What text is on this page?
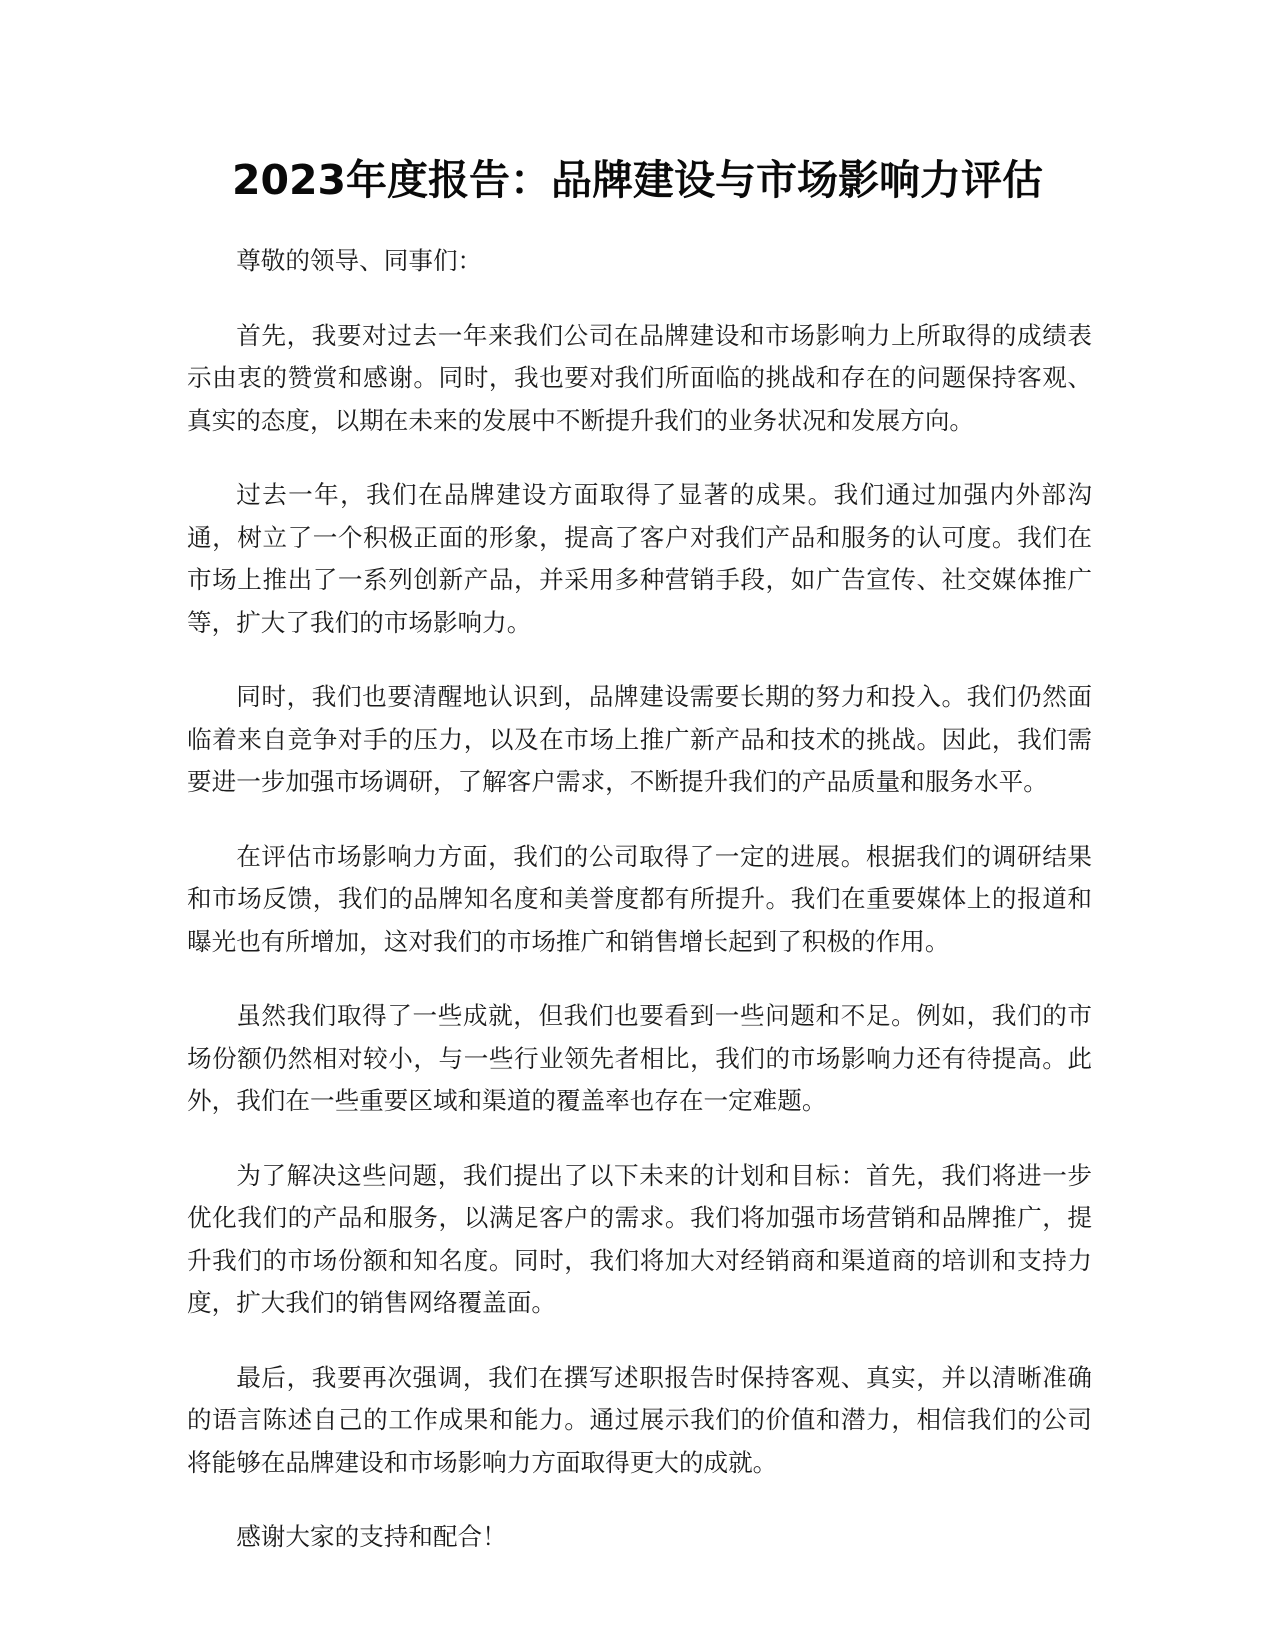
2023年度报告：品牌建设与市场影响力评估

尊敬的领导、同事们：

首先，我要对过去一年来我们公司在品牌建设和市场影响力上所取得的成绩表示由衷的赞赏和感谢。同时，我也要对我们所面临的挑战和存在的问题保持客观、真实的态度，以期在未来的发展中不断提升我们的业务状况和发展方向。

过去一年，我们在品牌建设方面取得了显著的成果。我们通过加强内外部沟通，树立了一个积极正面的形象，提高了客户对我们产品和服务的认可度。我们在市场上推出了一系列创新产品，并采用多种营销手段，如广告宣传、社交媒体推广等，扩大了我们的市场影响力。

同时，我们也要清醒地认识到，品牌建设需要长期的努力和投入。我们仍然面临着来自竞争对手的压力，以及在市场上推广新产品和技术的挑战。因此，我们需要进一步加强市场调研，了解客户需求，不断提升我们的产品质量和服务水平。

在评估市场影响力方面，我们的公司取得了一定的进展。根据我们的调研结果和市场反馈，我们的品牌知名度和美誉度都有所提升。我们在重要媒体上的报道和曝光也有所增加，这对我们的市场推广和销售增长起到了积极的作用。

虽然我们取得了一些成就，但我们也要看到一些问题和不足。例如，我们的市场份额仍然相对较小，与一些行业领先者相比，我们的市场影响力还有待提高。此外，我们在一些重要区域和渠道的覆盖率也存在一定难题。

为了解决这些问题，我们提出了以下未来的计划和目标：首先，我们将进一步优化我们的产品和服务，以满足客户的需求。我们将加强市场营销和品牌推广，提升我们的市场份额和知名度。同时，我们将加大对经销商和渠道商的培训和支持力度，扩大我们的销售网络覆盖面。

最后，我要再次强调，我们在撰写述职报告时保持客观、真实，并以清晰准确的语言陈述自己的工作成果和能力。通过展示我们的价值和潜力，相信我们的公司将能够在品牌建设和市场影响力方面取得更大的成就。

感谢大家的支持和配合！
